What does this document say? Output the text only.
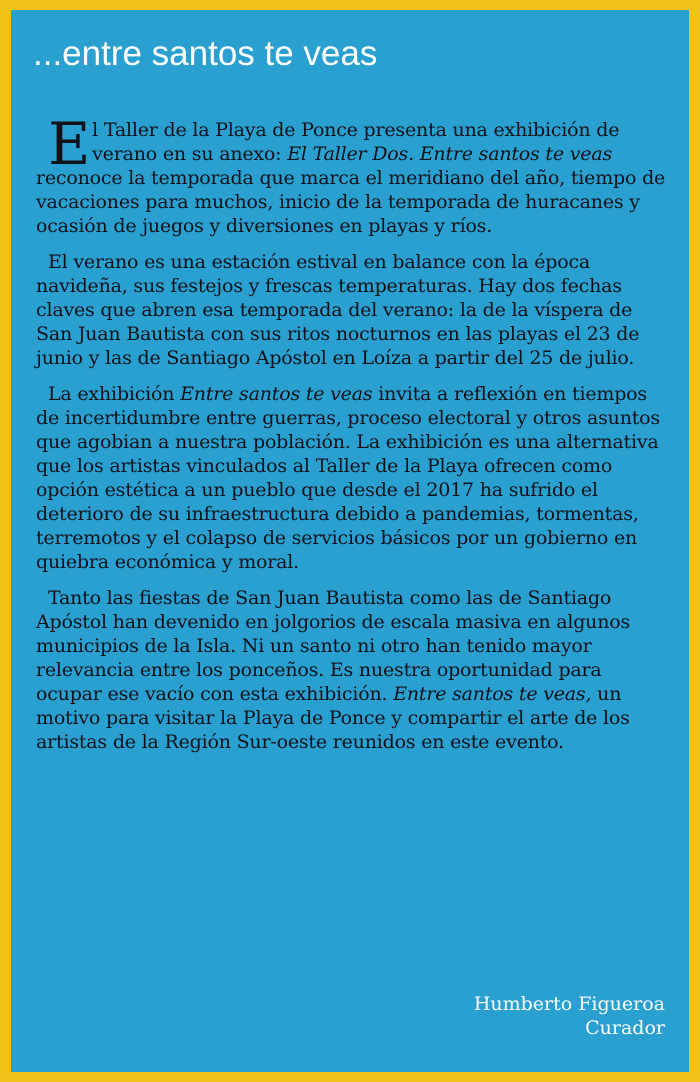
...entre santos te veas

El Taller de la Playa de Ponce presenta una exhibición de verano en su anexo: El Taller Dos. Entre santos te veas reconoce la temporada que marca el meridiano del año, tiempo de vacaciones para muchos, inicio de la temporada de huracanes y ocasión de juegos y diversiones en playas y ríos.

El verano es una estación estival en balance con la época navideña, sus festejos y frescas temperaturas. Hay dos fechas claves que abren esa temporada del verano: la de la víspera de San Juan Bautista con sus ritos nocturnos en las playas el 23 de junio y las de Santiago Apóstol en Loíza a partir del 25 de julio.

La exhibición Entre santos te veas invita a reflexión en tiempos de incertidumbre entre guerras, proceso electoral y otros asuntos que agobian a nuestra población. La exhibición es una alternativa que los artistas vinculados al Taller de la Playa ofrecen como opción estética a un pueblo que desde el 2017 ha sufrido el deterioro de su infraestructura debido a pandemias, tormentas, terremotos y el colapso de servicios básicos por un gobierno en quiebra económica y moral.

Tanto las fiestas de San Juan Bautista como las de Santiago Apóstol han devenido en jolgorios de escala masiva en algunos municipios de la Isla. Ni un santo ni otro han tenido mayor relevancia entre los ponceños. Es nuestra oportunidad para ocupar ese vacío con esta exhibición. Entre santos te veas, un motivo para visitar la Playa de Ponce y compartir el arte de los artistas de la Región Sur-oeste reunidos en este evento.

Humberto Figueroa
Curador
